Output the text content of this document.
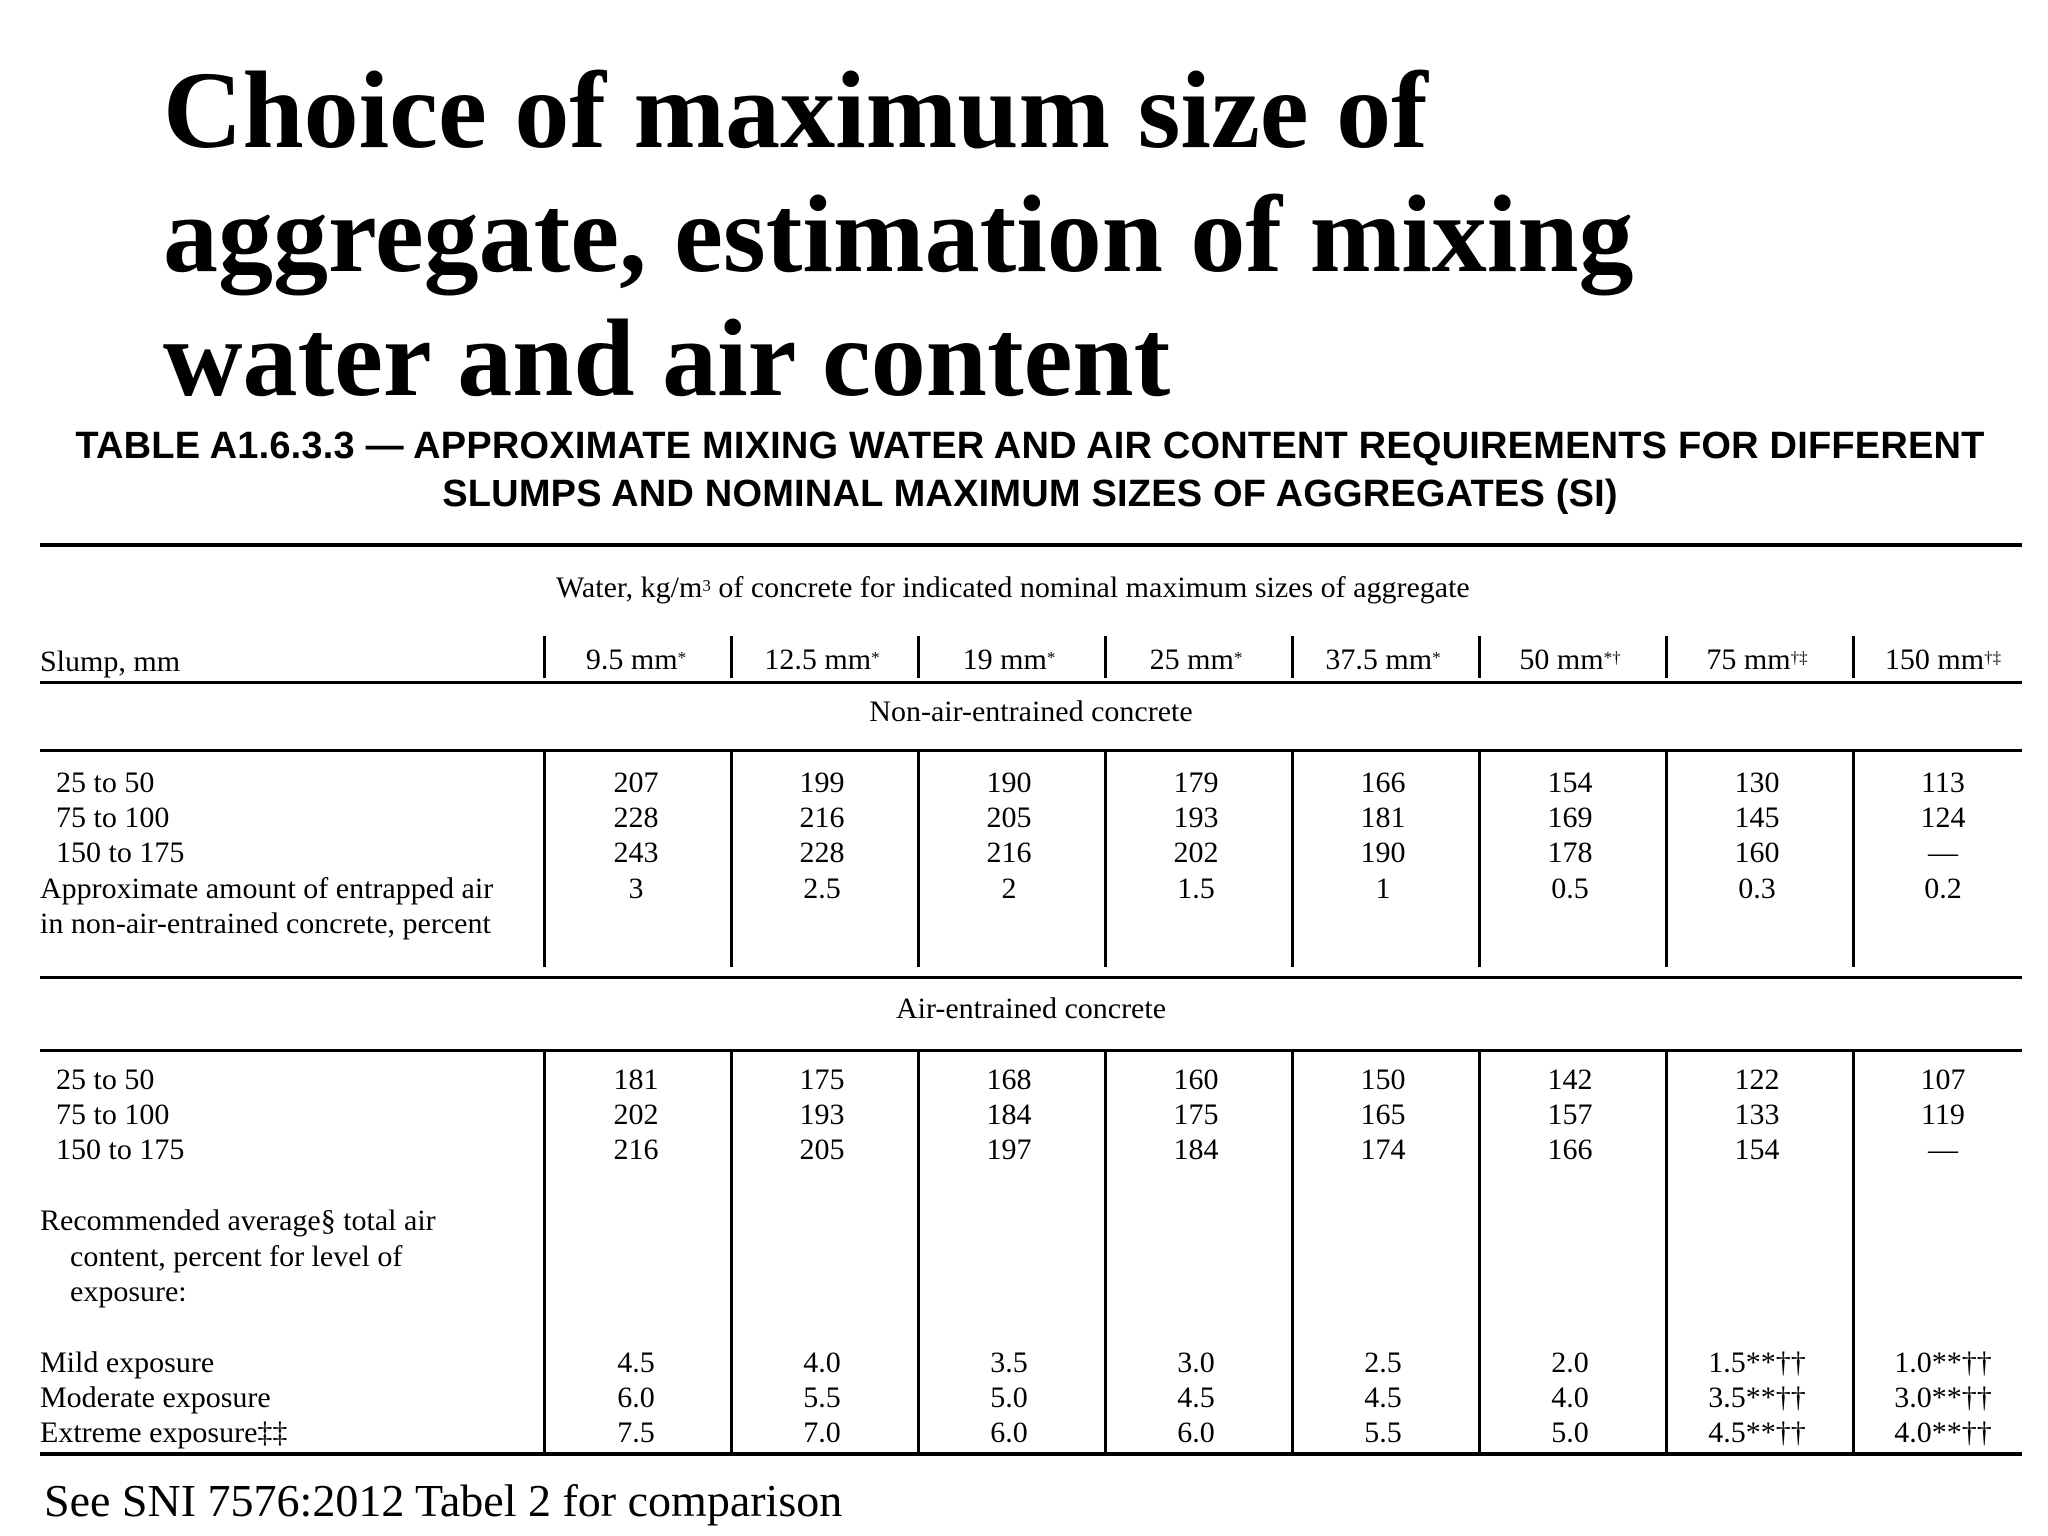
Choice of maximum size of
aggregate, estimation of mixing
water and air content
TABLE A1.6.3.3 — APPROXIMATE MIXING WATER AND AIR CONTENT REQUIREMENTS FOR DIFFERENT
SLUMPS AND NOMINAL MAXIMUM SIZES OF AGGREGATES (SI)
Water, $kg/m^3$ of concrete for indicated nominal maximum sizes of aggregate
Slump, mm	9.5 mm*	12.5 mm*	19 mm*	25 mm*	37.5 mm*	50 mm*†	75 mm†‡	150 mm†‡
Non-air-entrained concrete
25 to 50	207	199	190	179	166	154	130	113
75 to 100	228	216	205	193	181	169	145	124
150 to 175	243	228	216	202	190	178	160	—
Approximate amount of entrapped air
in non-air-entrained concrete, percent
3	2.5	2	1.5	1	0.5	0.3	0.2
Air-entrained concrete
25 to 50	181	175	168	160	150	142	122	107
75 to 100	202	193	184	175	165	157	133	119
150 to 175	216	205	197	184	174	166	154	—
Recommended average§ total air
content, percent for level of
exposure:
Mild exposure	4.5	4.0	3.5	3.0	2.5	2.0	1.5**††	1.0**††
Moderate exposure	6.0	5.5	5.0	4.5	4.5	4.0	3.5**††	3.0**††
Extreme exposure‡‡	7.5	7.0	6.0	6.0	5.5	5.0	4.5**††	4.0**††
See SNI 7576:2012 Tabel 2 for comparison
